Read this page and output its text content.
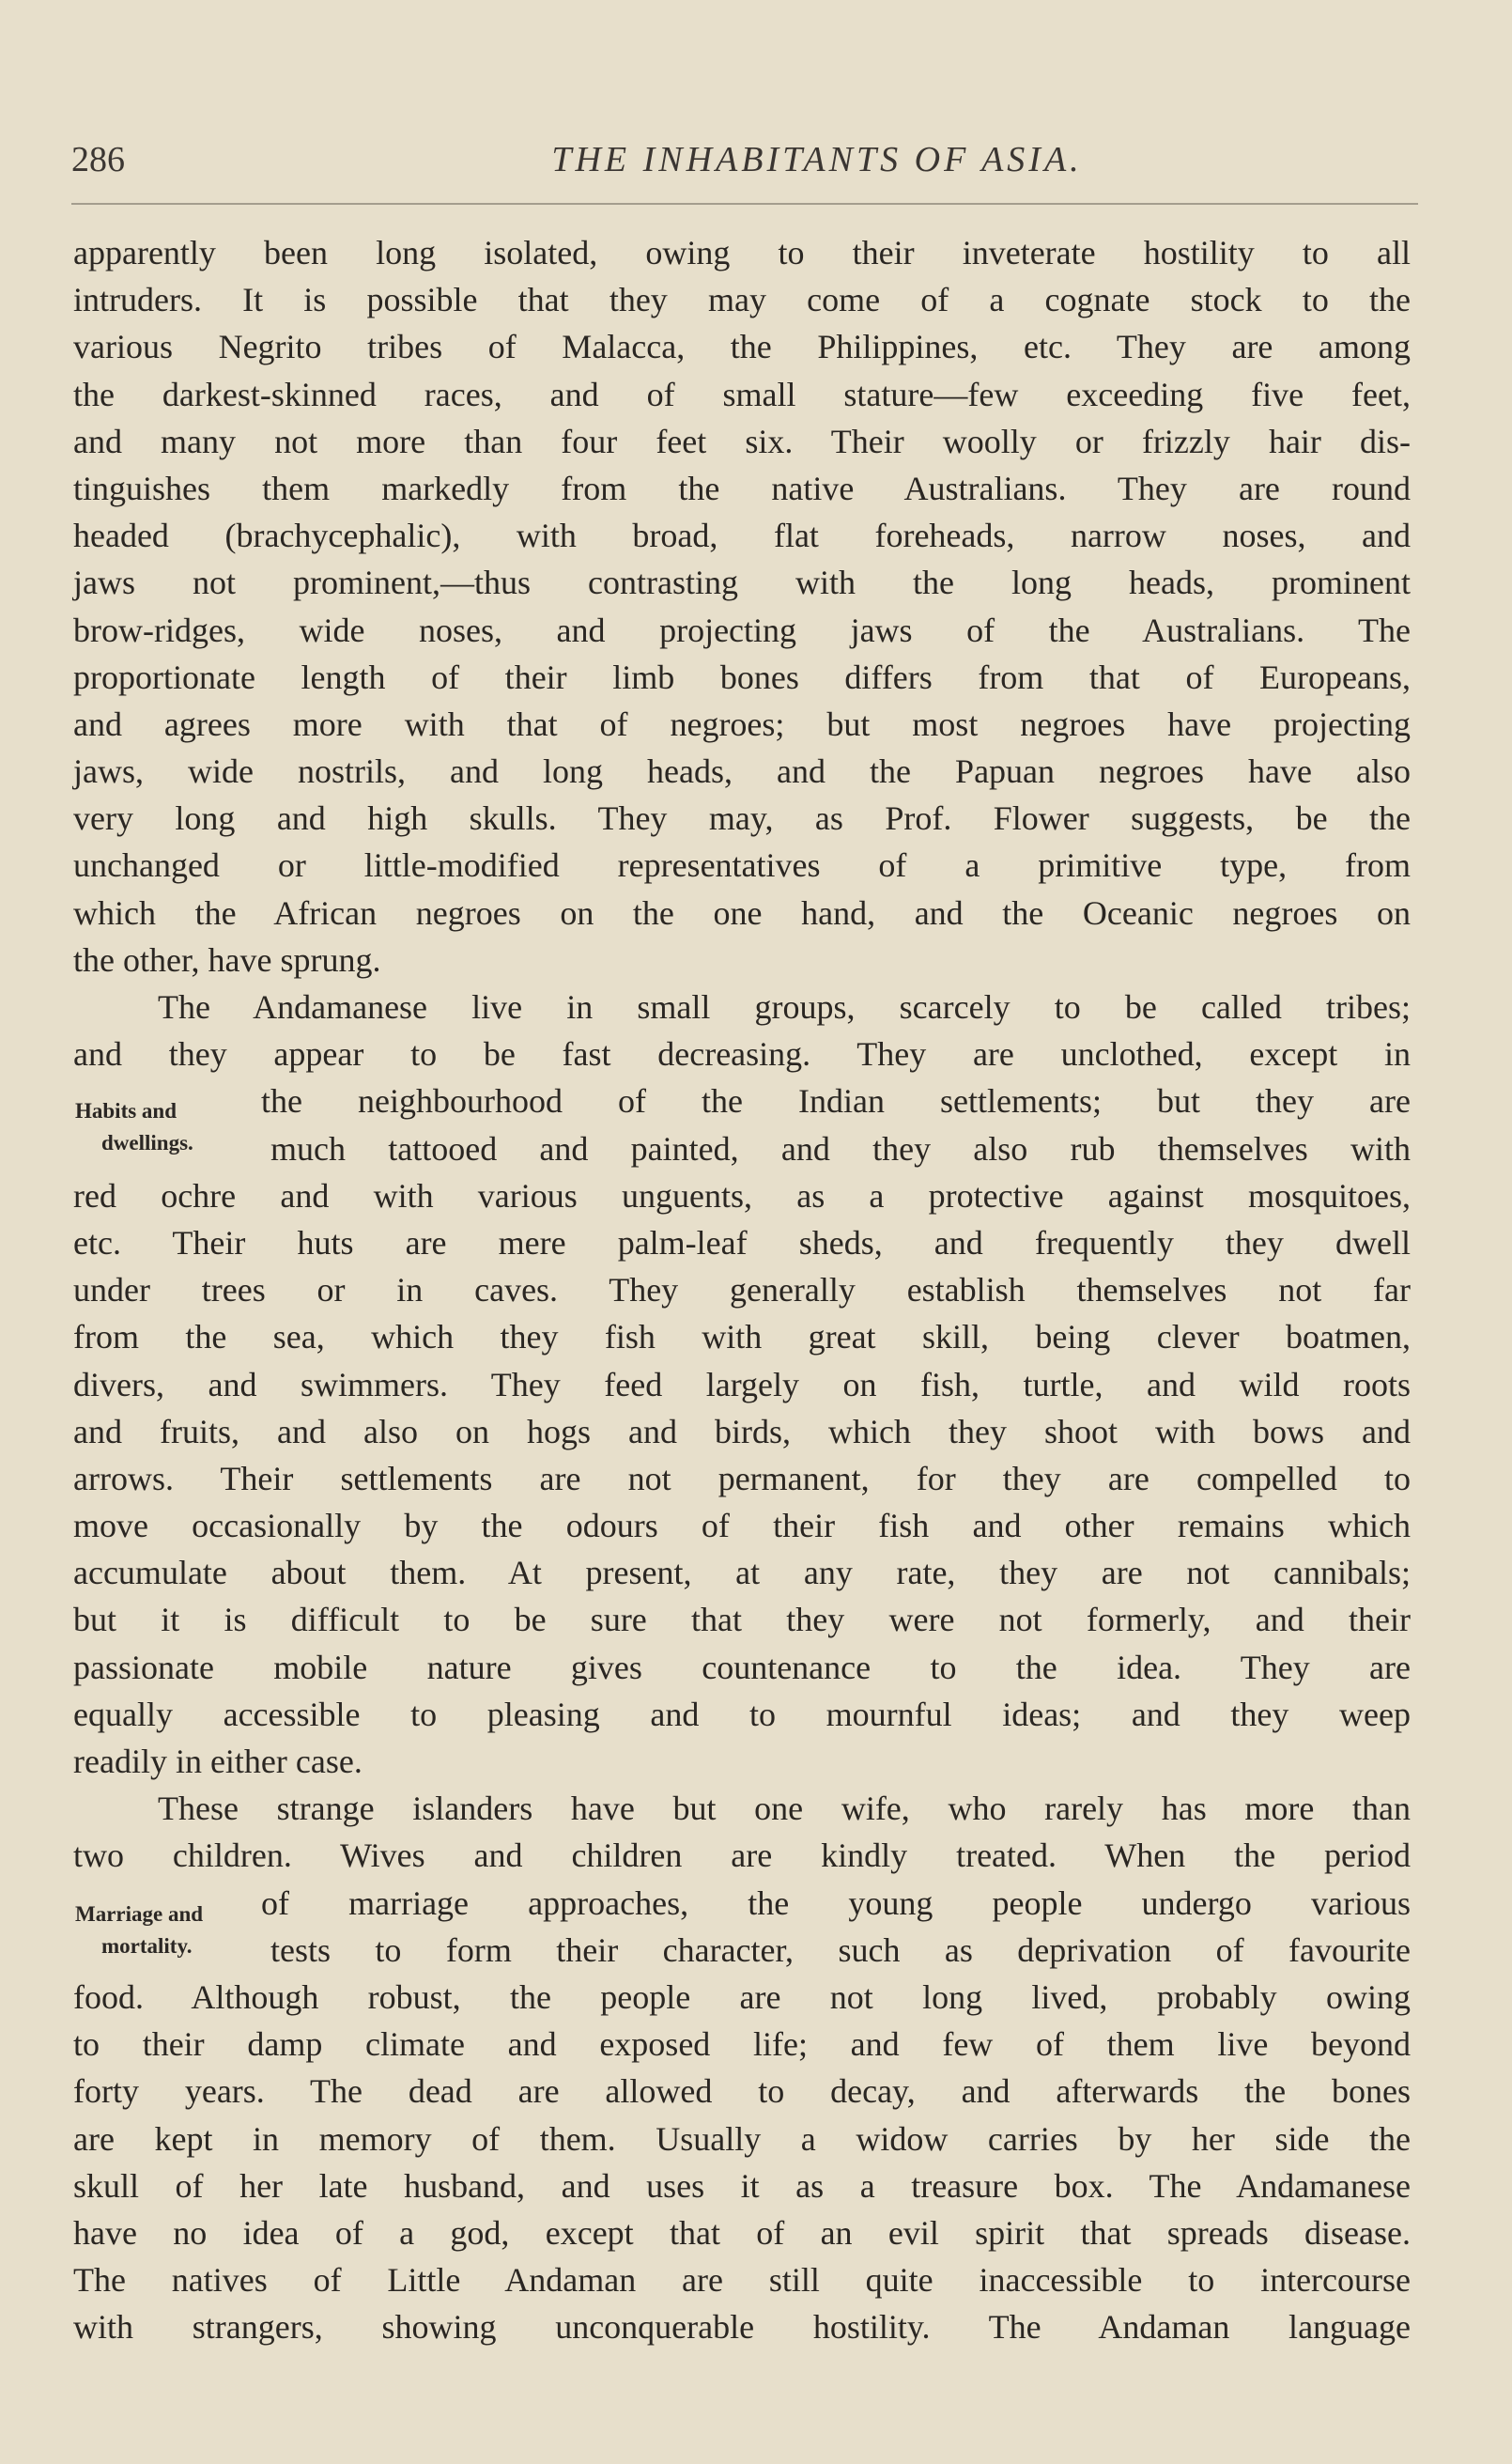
286	THE INHABITANTS OF ASIA.
Habits and
dwellings.
Marriage and
mortality.
apparently been long isolated, owing to their inveterate hostility to all
intruders. It is possible that they may come of a cognate stock to the
various Negrito tribes of Malacca, the Philippines, etc. They are among
the darkest-skinned races, and of small stature—few exceeding five feet,
and many not more than four feet six. Their woolly or frizzly hair dis-
tinguishes them markedly from the native Australians. They are round
headed (brachycephalic), with broad, flat foreheads, narrow noses, and
jaws not prominent,—thus contrasting with the long heads, prominent
brow-ridges, wide noses, and projecting jaws of the Australians. The
proportionate length of their limb bones differs from that of Europeans,
and agrees more with that of negroes; but most negroes have projecting
jaws, wide nostrils, and long heads, and the Papuan negroes have also
very long and high skulls. They may, as Prof. Flower suggests, be the
unchanged or little-modified representatives of a primitive type, from
which the African negroes on the one hand, and the Oceanic negroes on
the other, have sprung.
The Andamanese live in small groups, scarcely to be called tribes;
and they appear to be fast decreasing. They are unclothed, except in
the neighbourhood of the Indian settlements; but they are
much tattooed and painted, and they also rub themselves with
red ochre and with various unguents, as a protective against mosquitoes,
etc. Their huts are mere palm-leaf sheds, and frequently they dwell
under trees or in caves. They generally establish themselves not far
from the sea, which they fish with great skill, being clever boatmen,
divers, and swimmers. They feed largely on fish, turtle, and wild roots
and fruits, and also on hogs and birds, which they shoot with bows and
arrows. Their settlements are not permanent, for they are compelled to
move occasionally by the odours of their fish and other remains which
accumulate about them. At present, at any rate, they are not cannibals;
but it is difficult to be sure that they were not formerly, and their
passionate mobile nature gives countenance to the idea. They are
equally accessible to pleasing and to mournful ideas; and they weep
readily in either case.
These strange islanders have but one wife, who rarely has more than
two children. Wives and children are kindly treated. When the period
of marriage approaches, the young people undergo various
tests to form their character, such as deprivation of favourite
food. Although robust, the people are not long lived, probably owing
to their damp climate and exposed life; and few of them live beyond
forty years. The dead are allowed to decay, and afterwards the bones
are kept in memory of them. Usually a widow carries by her side the
skull of her late husband, and uses it as a treasure box. The Andamanese
have no idea of a god, except that of an evil spirit that spreads disease.
The natives of Little Andaman are still quite inaccessible to intercourse
with strangers, showing unconquerable hostility. The Andaman language
